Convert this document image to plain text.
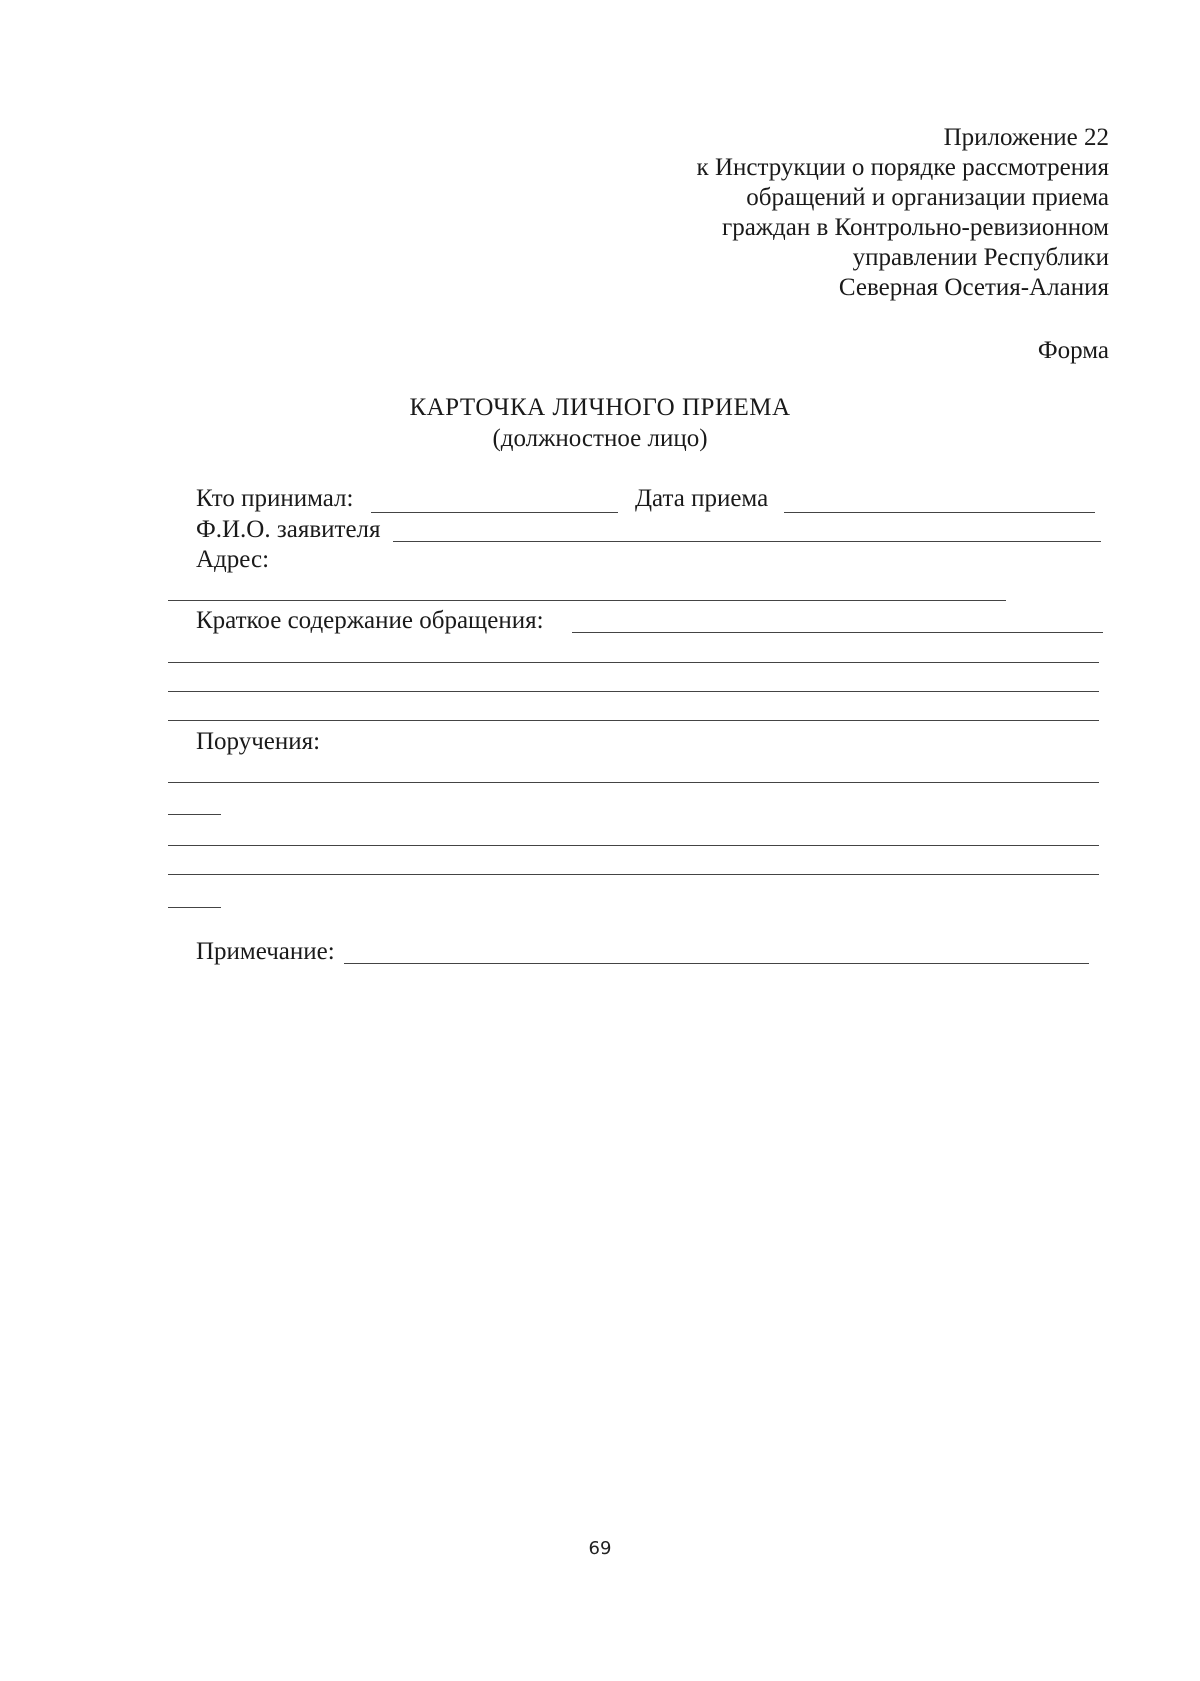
Приложение 22
к Инструкции о порядке рассмотрения
обращений и организации приема
граждан в Контрольно-ревизионном
управлении Республики
Северная Осетия-Алания
Форма
КАРТОЧКА ЛИЧНОГО ПРИЕМА
(должностное лицо)
Кто принимал:	Дата приема
Ф.И.О. заявителя
Адрес:
Краткое содержание обращения:
Поручения:
Примечание:
69
